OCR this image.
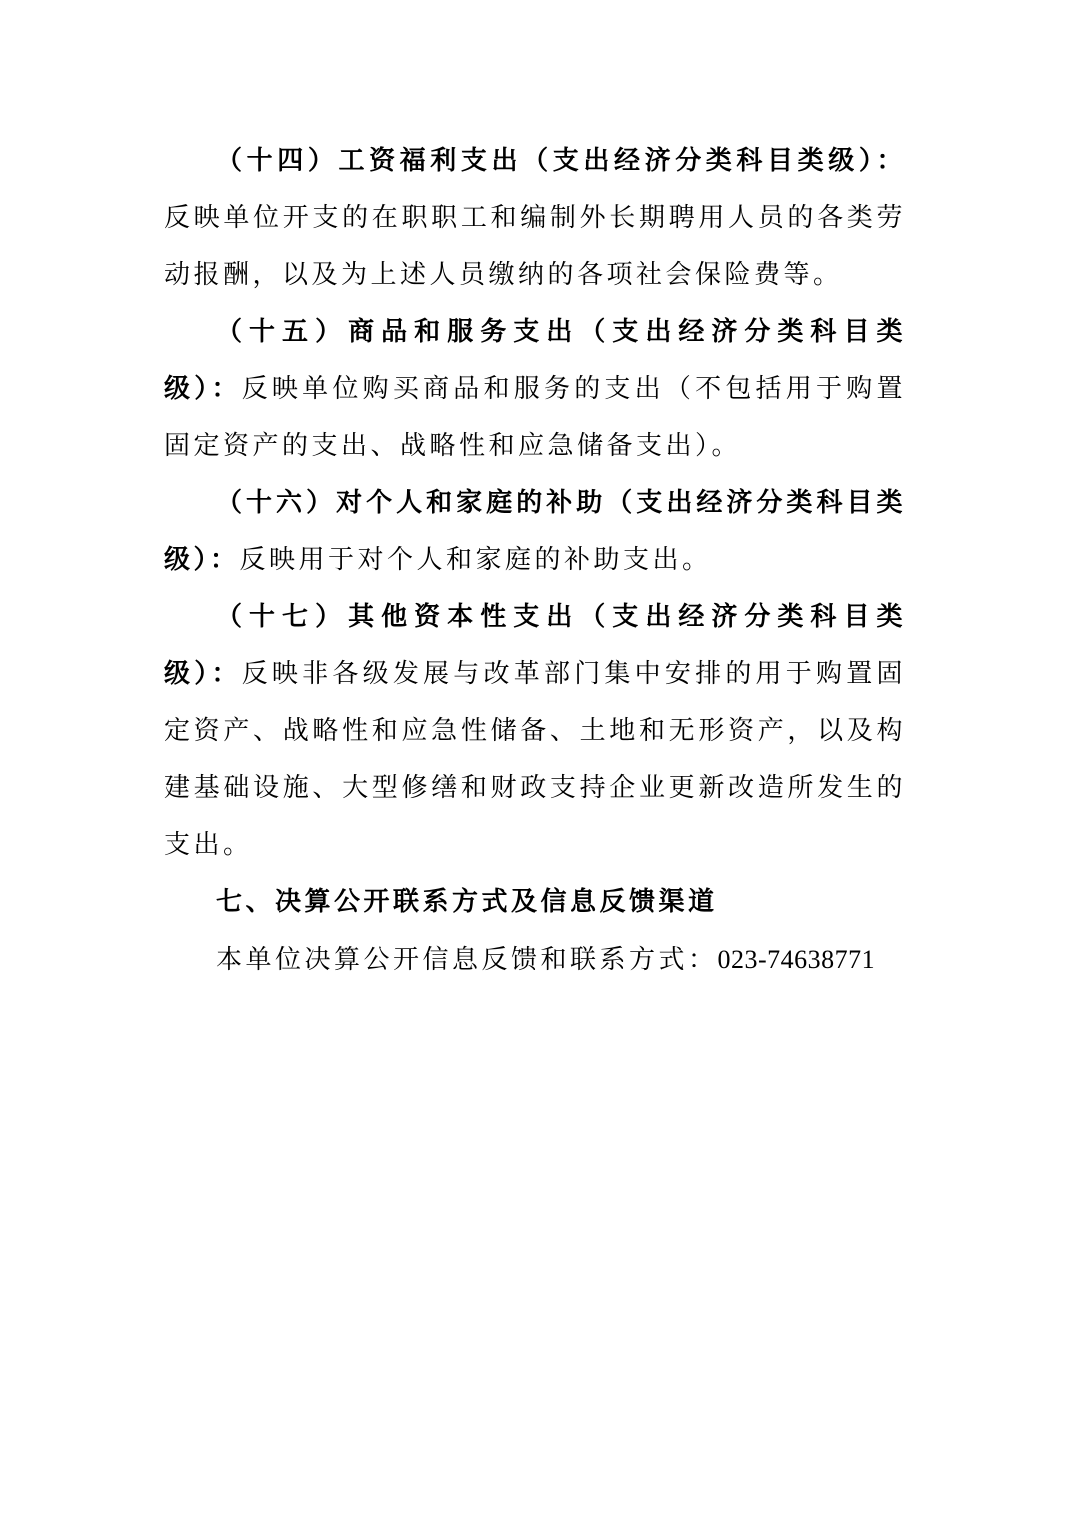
（十四）工资福利支出（支出经济分类科目类级）：反映单位开支的在职职工和编制外长期聘用人员的各类劳动报酬，以及为上述人员缴纳的各项社会保险费等。

（十五）商品和服务支出（支出经济分类科目类级）：反映单位购买商品和服务的支出（不包括用于购置固定资产的支出、战略性和应急储备支出）。

（十六）对个人和家庭的补助（支出经济分类科目类级）：反映用于对个人和家庭的补助支出。

（十七）其他资本性支出（支出经济分类科目类级）：反映非各级发展与改革部门集中安排的用于购置固定资产、战略性和应急性储备、土地和无形资产，以及构建基础设施、大型修缮和财政支持企业更新改造所发生的支出。

七、决算公开联系方式及信息反馈渠道

本单位决算公开信息反馈和联系方式：023-74638771
